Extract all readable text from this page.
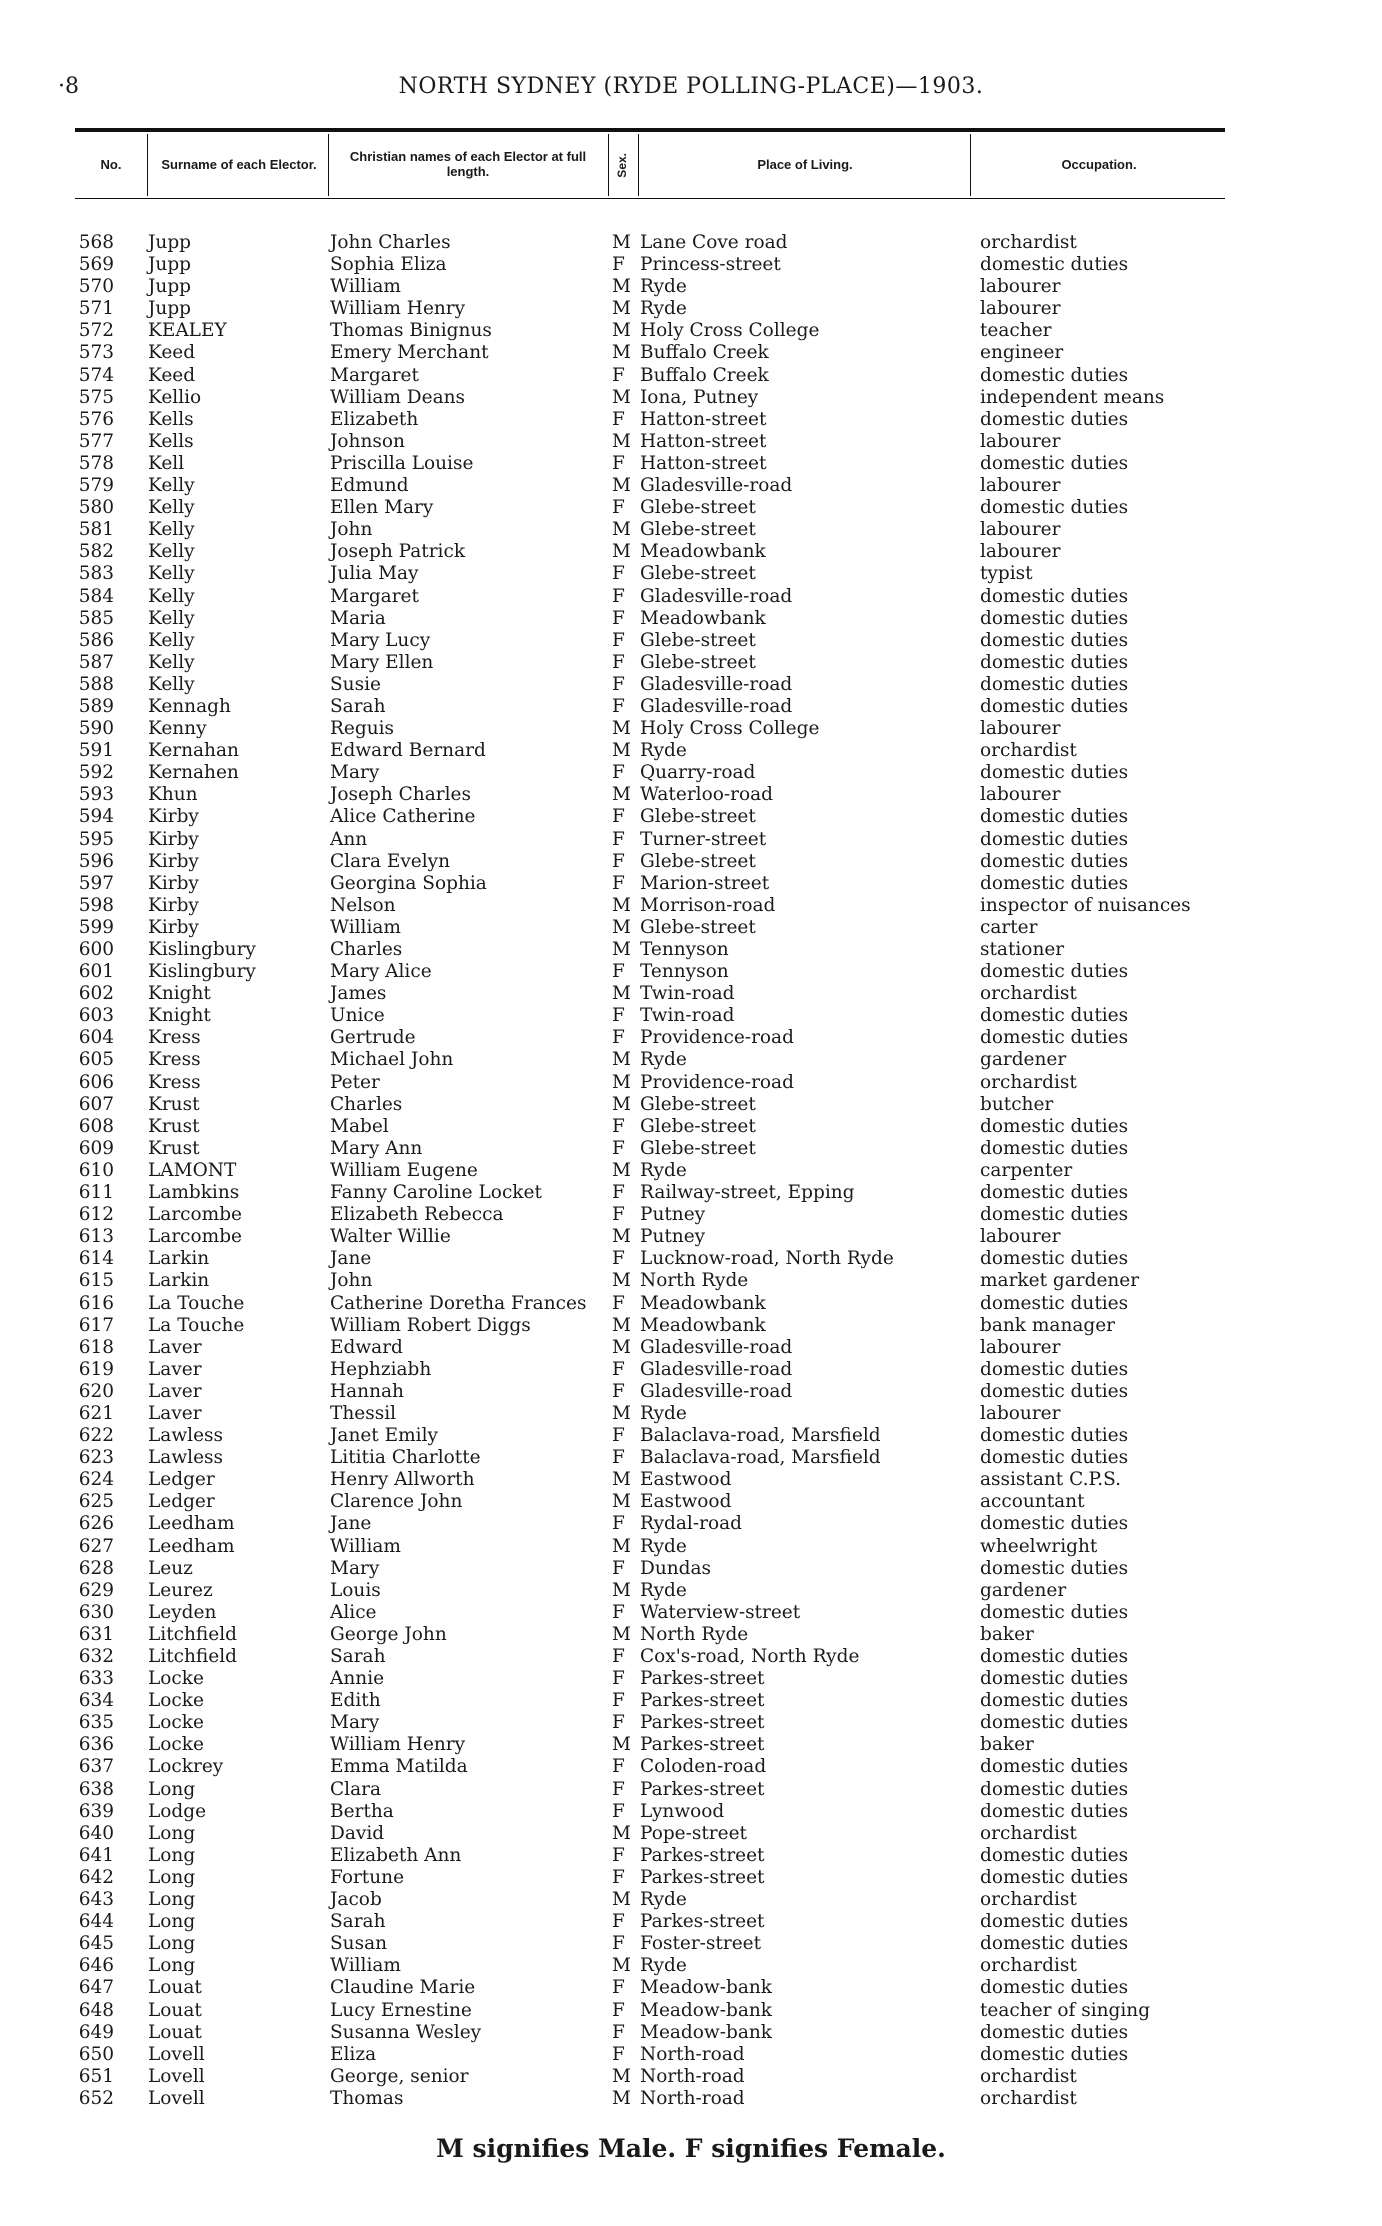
·8	NORTH SYDNEY (RYDE POLLING-PLACE)—1903.
No.	Surname of each Elector.	Christian names of each Elector at full length.	Sex.	Place of Living.	Occupation.
568 Jupp	John Charles	M Lane Cove road	orchardist
569 Jupp	Sophia Eliza	F Princess-street	domestic duties
570 Jupp	William	M Ryde	labourer
571 Jupp	William Henry	M Ryde	labourer
572 KEALEY	Thomas Binignus	M Holy Cross College	teacher
573 Keed	Emery Merchant	M Buffalo Creek	engineer
574 Keed	Margaret	F Buffalo Creek	domestic duties
575 Kellio	William Deans	M Iona, Putney	independent means
576 Kells	Elizabeth	F Hatton-street	domestic duties
577 Kells	Johnson	M Hatton-street	labourer
578 Kell	Priscilla Louise	F Hatton-street	domestic duties
579 Kelly	Edmund	M Gladesville-road	labourer
580 Kelly	Ellen Mary	F Glebe-street	domestic duties
581 Kelly	John	M Glebe-street	labourer
582 Kelly	Joseph Patrick	M Meadowbank	labourer
583 Kelly	Julia May	F Glebe-street	typist
584 Kelly	Margaret	F Gladesville-road	domestic duties
585 Kelly	Maria	F Meadowbank	domestic duties
586 Kelly	Mary Lucy	F Glebe-street	domestic duties
587 Kelly	Mary Ellen	F Glebe-street	domestic duties
588 Kelly	Susie	F Gladesville-road	domestic duties
589 Kennagh	Sarah	F Gladesville-road	domestic duties
590 Kenny	Reguis	M Holy Cross College	labourer
591 Kernahan	Edward Bernard	M Ryde	orchardist
592 Kernahen	Mary	F Quarry-road	domestic duties
593 Khun	Joseph Charles	M Waterloo-road	labourer
594 Kirby	Alice Catherine	F Glebe-street	domestic duties
595 Kirby	Ann	F Turner-street	domestic duties
596 Kirby	Clara Evelyn	F Glebe-street	domestic duties
597 Kirby	Georgina Sophia	F Marion-street	domestic duties
598 Kirby	Nelson	M Morrison-road	inspector of nuisances
599 Kirby	William	M Glebe-street	carter
600 Kislingbury	Charles	M Tennyson	stationer
601 Kislingbury	Mary Alice	F Tennyson	domestic duties
602 Knight	James	M Twin-road	orchardist
603 Knight	Unice	F Twin-road	domestic duties
604 Kress	Gertrude	F Providence-road	domestic duties
605 Kress	Michael John	M Ryde	gardener
606 Kress	Peter	M Providence-road	orchardist
607 Krust	Charles	M Glebe-street	butcher
608 Krust	Mabel	F Glebe-street	domestic duties
609 Krust	Mary Ann	F Glebe-street	domestic duties
610 LAMONT	William Eugene	M Ryde	carpenter
611 Lambkins	Fanny Caroline Locket	F Railway-street, Epping	domestic duties
612 Larcombe	Elizabeth Rebecca	F Putney	domestic duties
613 Larcombe	Walter Willie	M Putney	labourer
614 Larkin	Jane	F Lucknow-road, North Ryde	domestic duties
615 Larkin	John	M North Ryde	market gardener
616 La Touche	Catherine Doretha Frances F Meadowbank	domestic duties
617 La Touche	William Robert Diggs	M Meadowbank	bank manager
618 Laver	Edward	M Gladesville-road	labourer
619 Laver	Hephziabh	F Gladesville-road	domestic duties
620 Laver	Hannah	F Gladesville-road	domestic duties
621 Laver	Thessil	M Ryde	labourer
622 Lawless	Janet Emily	F Balaclava-road, Marsfield	domestic duties
623 Lawless	Lititia Charlotte	F Balaclava-road, Marsfield	domestic duties
624 Ledger	Henry Allworth	M Eastwood	assistant C.P.S.
625 Ledger	Clarence John	M Eastwood	accountant
626 Leedham	Jane	F Rydal-road	domestic duties
627 Leedham	William	M Ryde	wheelwright
628 Leuz	Mary	F Dundas	domestic duties
629 Leurez	Louis	M Ryde	gardener
630 Leyden	Alice	F Waterview-street	domestic duties
631 Litchfield	George John	M North Ryde	baker
632 Litchfield	Sarah	F Cox's-road, North Ryde	domestic duties
633 Locke	Annie	F Parkes-street	domestic duties
634 Locke	Edith	F Parkes-street	domestic duties
635 Locke	Mary	F Parkes-street	domestic duties
636 Locke	William Henry	M Parkes-street	baker
637 Lockrey	Emma Matilda	F Coloden-road	domestic duties
638 Long	Clara	F Parkes-street	domestic duties
639 Lodge	Bertha	F Lynwood	domestic duties
640 Long	David	M Pope-street	orchardist
641 Long	Elizabeth Ann	F Parkes-street	domestic duties
642 Long	Fortune	F Parkes-street	domestic duties
643 Long	Jacob	M Ryde	orchardist
644 Long	Sarah	F Parkes-street	domestic duties
645 Long	Susan	F Foster-street	domestic duties
646 Long	William	M Ryde	orchardist
647 Louat	Claudine Marie	F Meadow-bank	domestic duties
648 Louat	Lucy Ernestine	F Meadow-bank	teacher of singing
649 Louat	Susanna Wesley	F Meadow-bank	domestic duties
650 Lovell	Eliza	F North-road	domestic duties
651 Lovell	George, senior	M North-road	orchardist
652 Lovell	Thomas	M North-road	orchardist
M signifies Male. F signifies Female.
